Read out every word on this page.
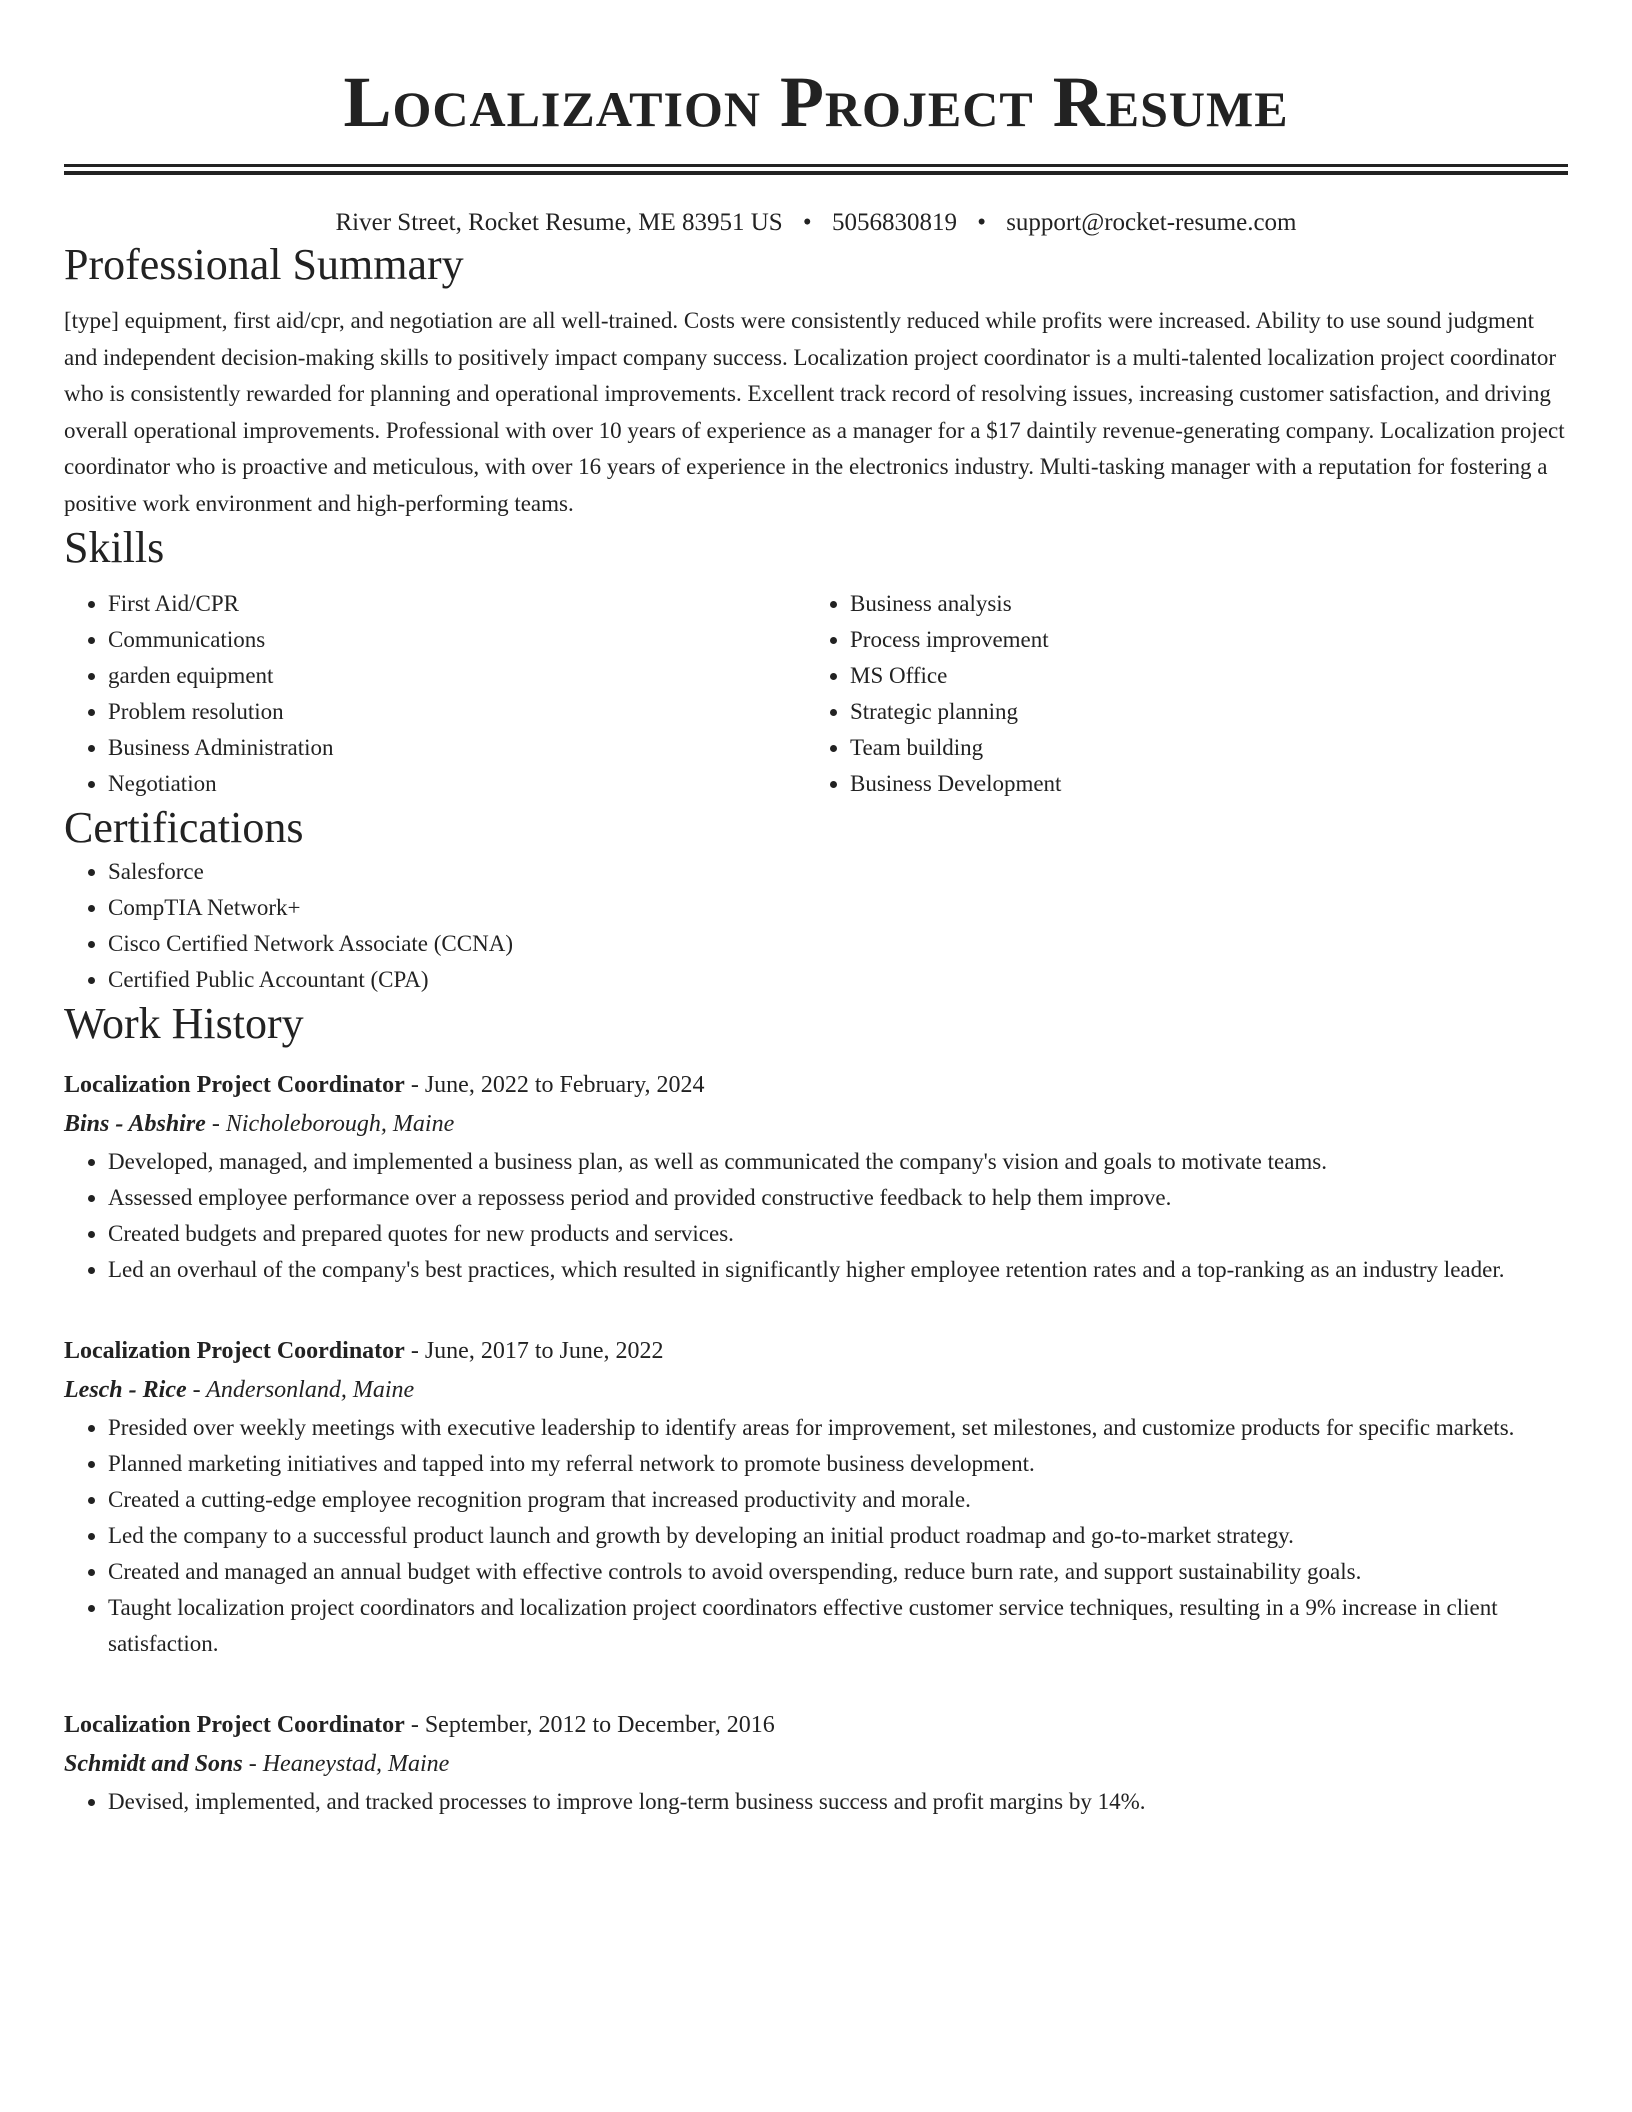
Localization Project Resume
River Street, Rocket Resume, ME 83951 US • 5056830819 • support@rocket-resume.com
Professional Summary

[type] equipment, first aid/cpr, and negotiation are all well-trained. Costs were consistently reduced while profits were increased. Ability to use sound judgment and independent decision-making skills to positively impact company success. Localization project coordinator is a multi-talented localization project coordinator who is consistently rewarded for planning and operational improvements. Excellent track record of resolving issues, increasing customer satisfaction, and driving overall operational improvements. Professional with over 10 years of experience as a manager for a $17 daintily revenue-generating company. Localization project coordinator who is proactive and meticulous, with over 16 years of experience in the electronics industry. Multi-tasking manager with a reputation for fostering a positive work environment and high-performing teams.

Skills
• First Aid/CPR
• Communications
• garden equipment
• Problem resolution
• Business Administration
• Negotiation
• Business analysis
• Process improvement
• MS Office
• Strategic planning
• Team building
• Business Development
Certifications
• Salesforce
• CompTIA Network+
• Cisco Certified Network Associate (CCNA)
• Certified Public Accountant (CPA)
Work History
Localization Project Coordinator - June, 2022 to February, 2024
Bins - Abshire - Nicholeborough, Maine
• Developed, managed, and implemented a business plan, as well as communicated the company's vision and goals to motivate teams.
• Assessed employee performance over a repossess period and provided constructive feedback to help them improve.
• Created budgets and prepared quotes for new products and services.
• Led an overhaul of the company's best practices, which resulted in significantly higher employee retention rates and a top-ranking as an industry leader.
Localization Project Coordinator - June, 2017 to June, 2022
Lesch - Rice - Andersonland, Maine
• Presided over weekly meetings with executive leadership to identify areas for improvement, set milestones, and customize products for specific markets.
• Planned marketing initiatives and tapped into my referral network to promote business development.
• Created a cutting-edge employee recognition program that increased productivity and morale.
• Led the company to a successful product launch and growth by developing an initial product roadmap and go-to-market strategy.
• Created and managed an annual budget with effective controls to avoid overspending, reduce burn rate, and support sustainability goals.
• Taught localization project coordinators and localization project coordinators effective customer service techniques, resulting in a 9% increase in client satisfaction.
Localization Project Coordinator - September, 2012 to December, 2016
Schmidt and Sons - Heaneystad, Maine
• Devised, implemented, and tracked processes to improve long-term business success and profit margins by 14%.
